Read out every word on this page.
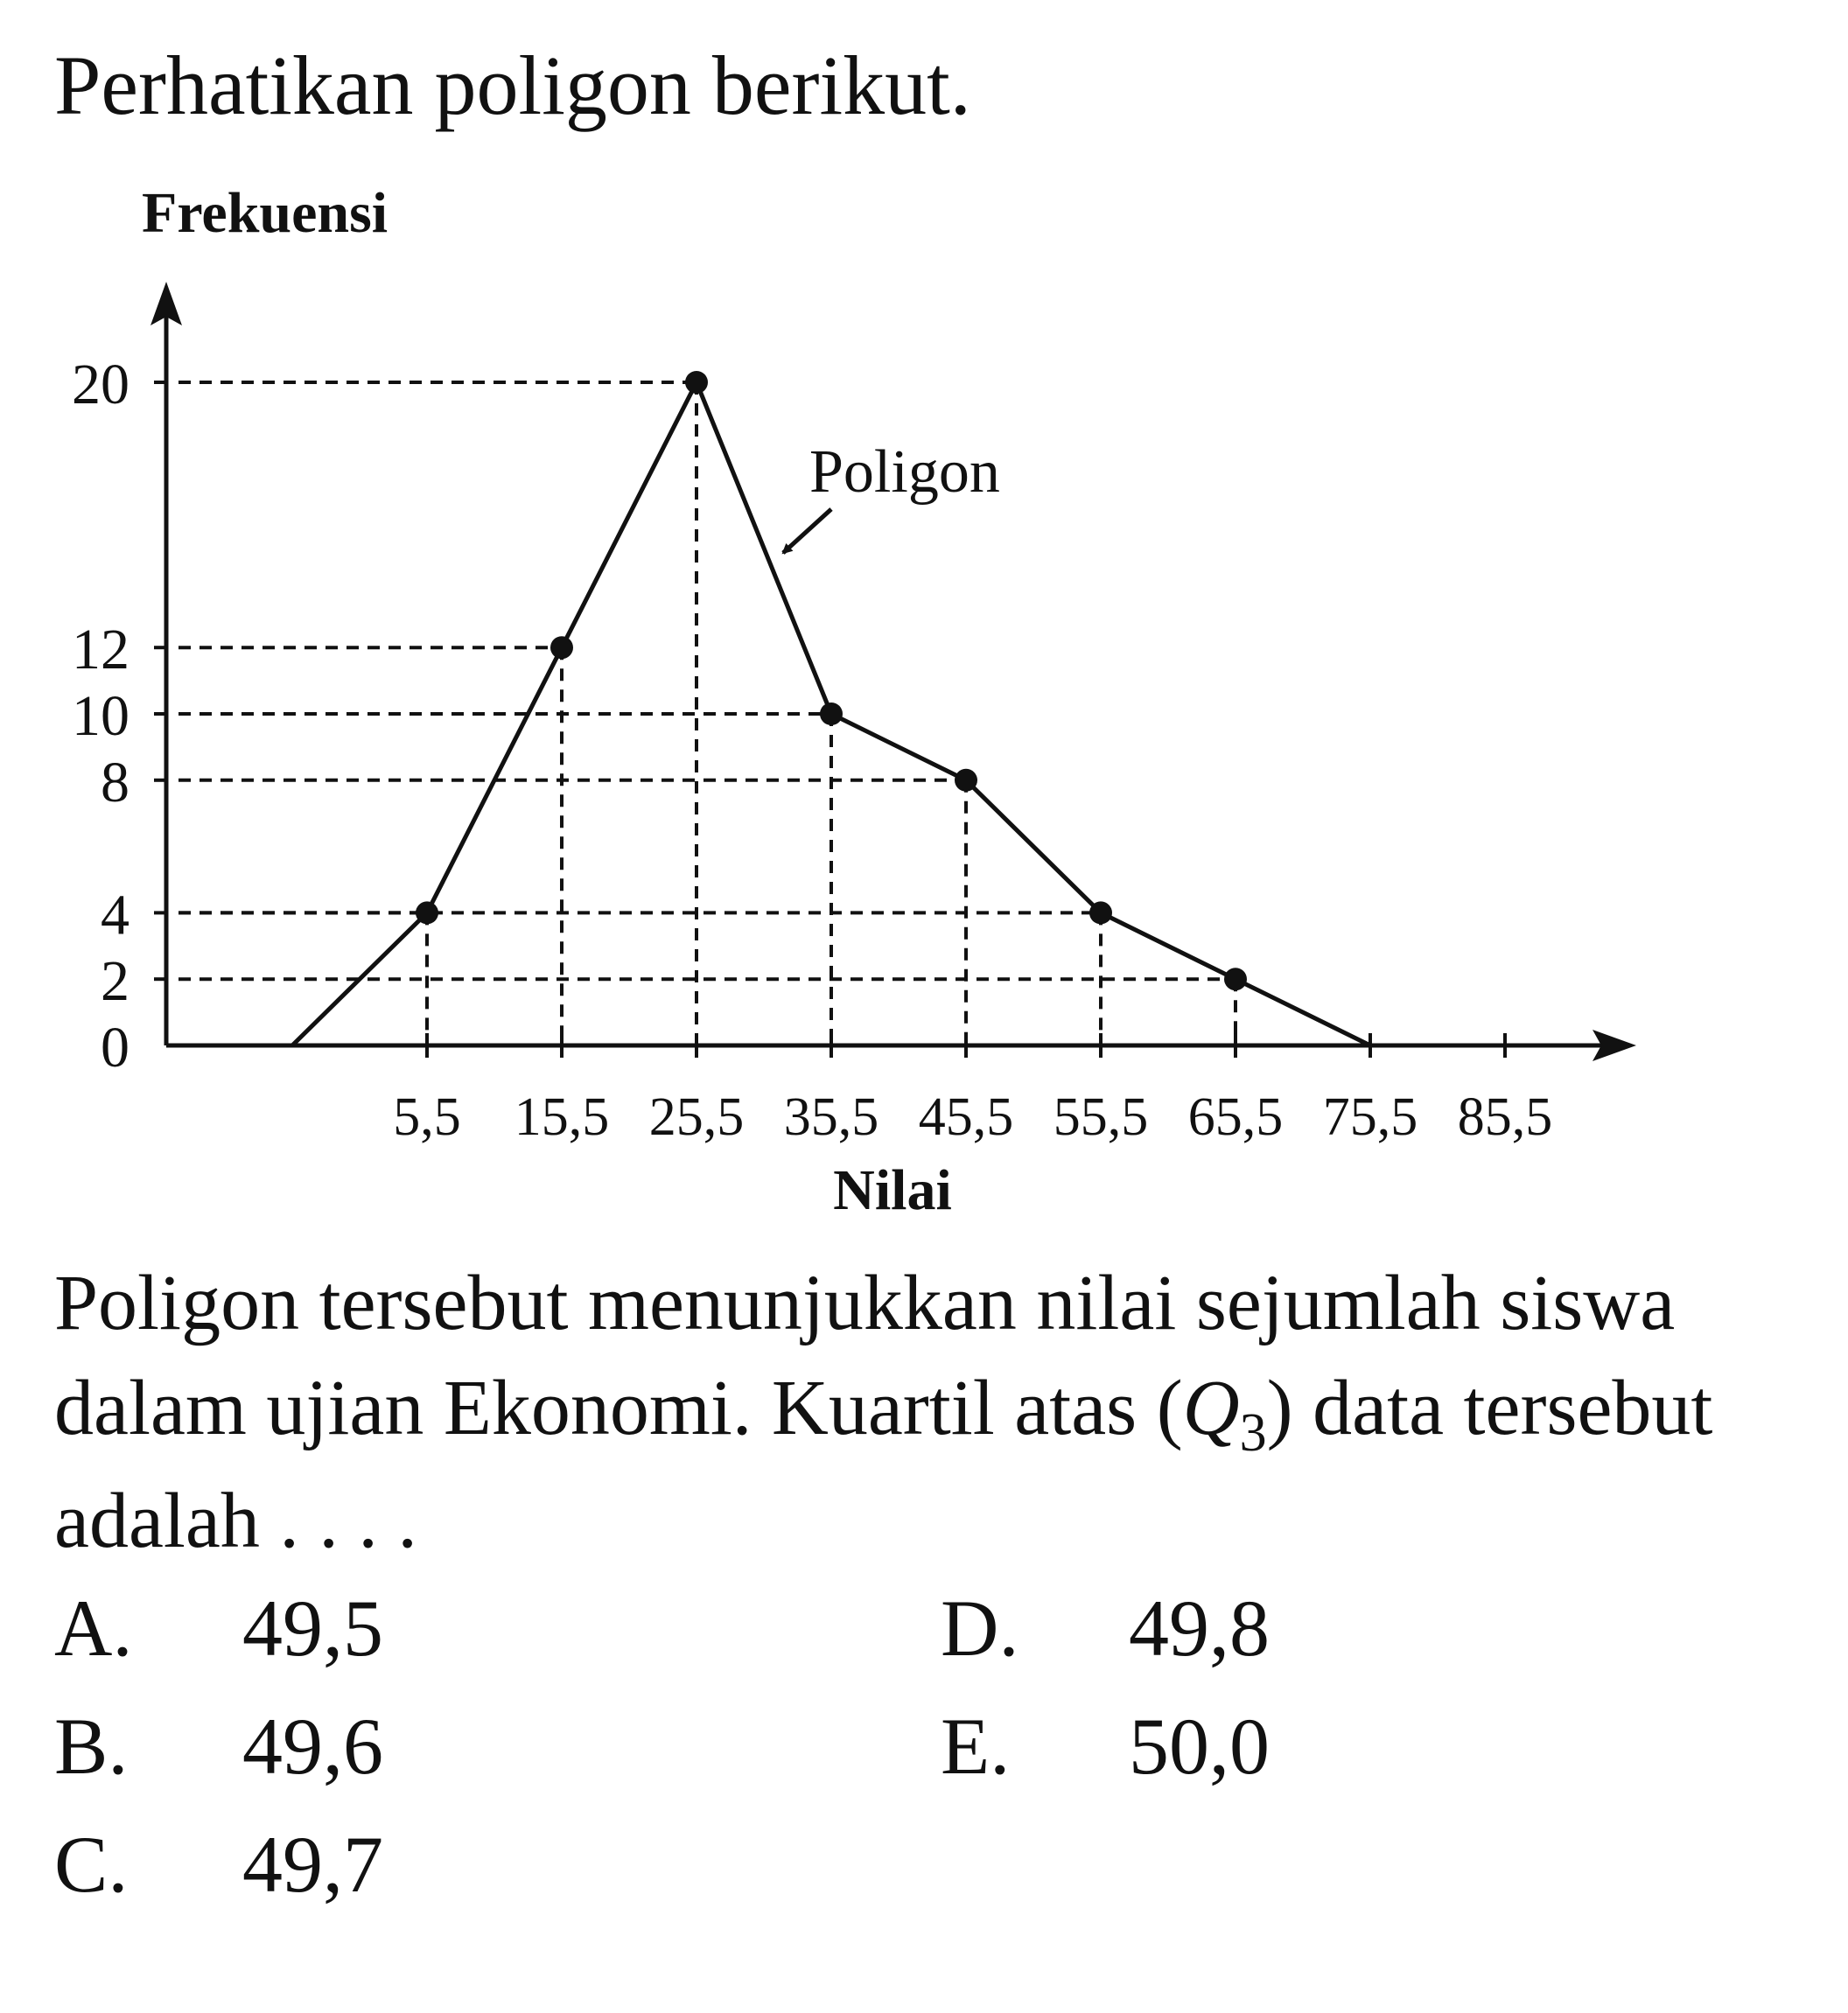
Perhatikan poligon berikut.

5,5 15,5 25,5 35,5 45,5 55,5 65,5 75,5 85,5
20
12
10
8
4
2
0
Frekuensi
Nilai
Poligon

Poligon tersebut menunjukkan nilai sejumlah siswa dalam ujian Ekonomi. Kuartil atas $(Q_3)$ data tersebut adalah . . . .

A. 49,5
B. 49,6
C. 49,7
D. 49,8
E. 50,0
